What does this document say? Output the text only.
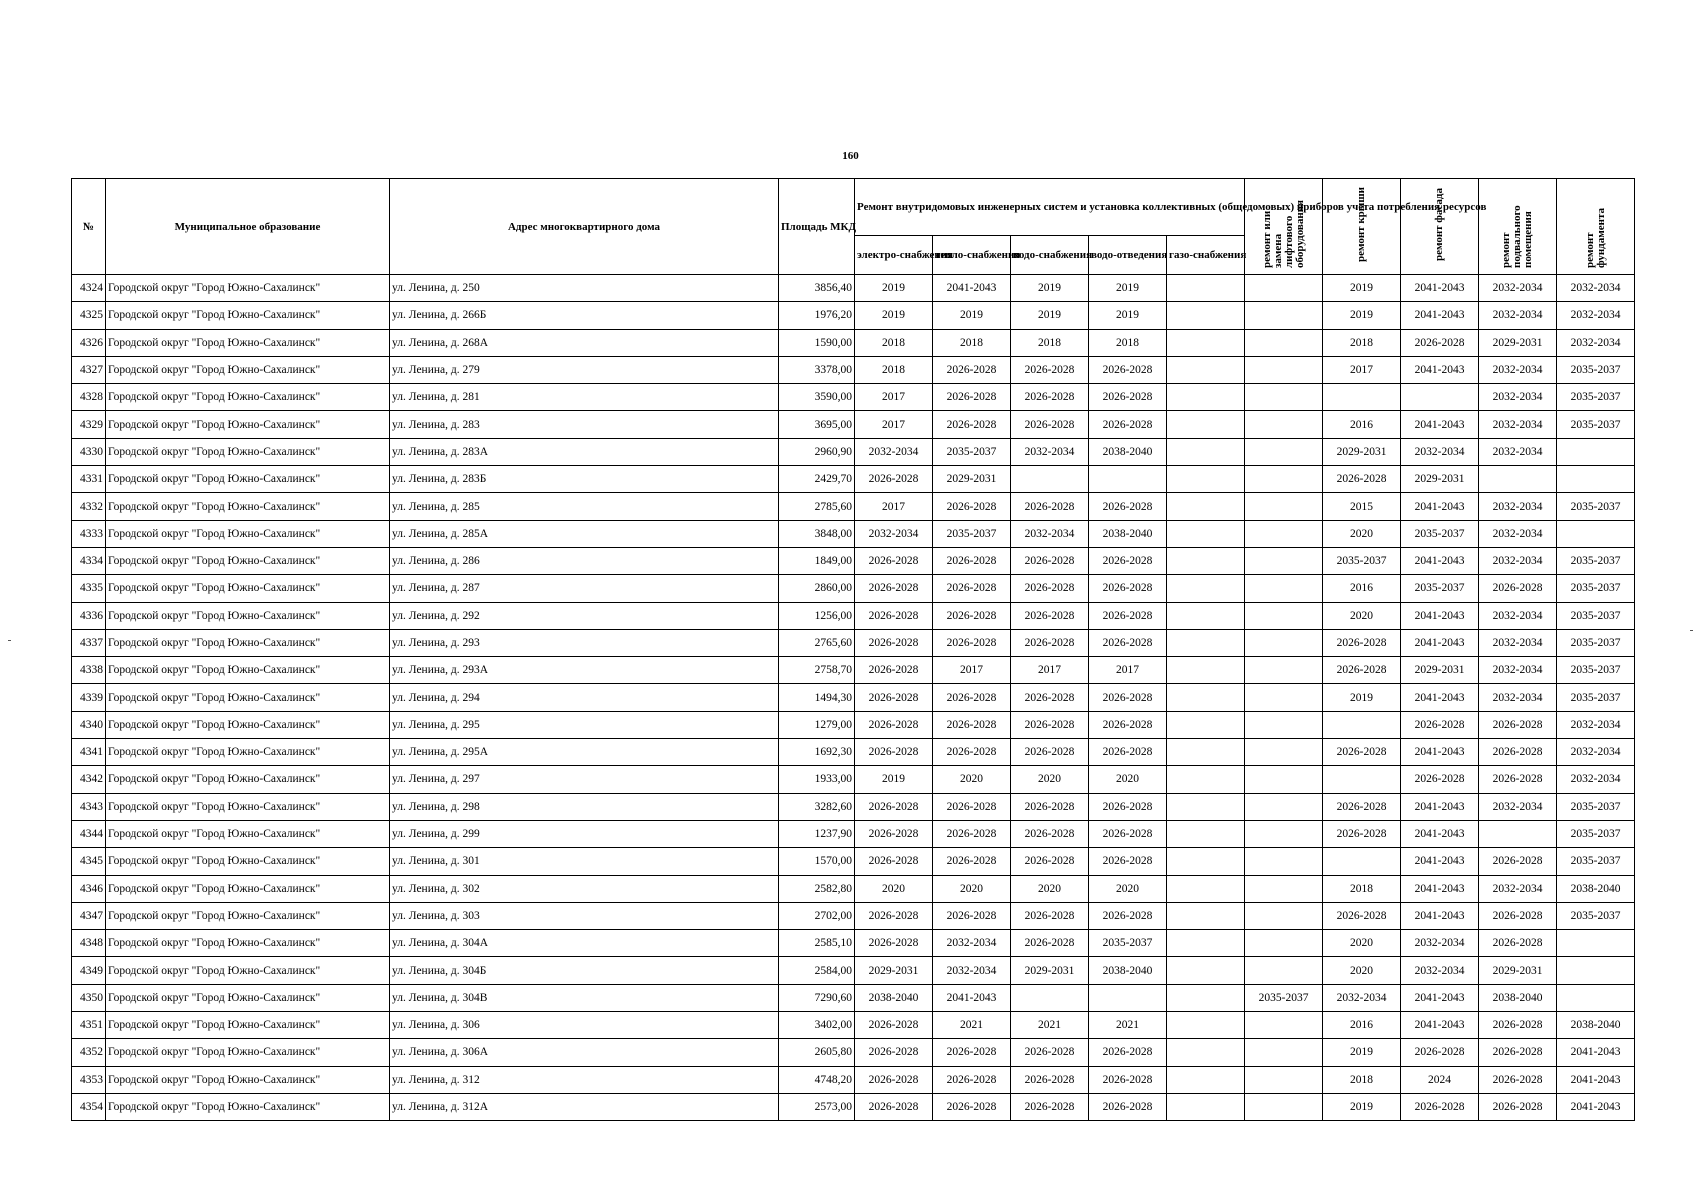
160
№	Муниципальное образование	Адрес многоквартирного дома	Площадь МКД	Ремонт внутридомовых инженерных систем и установка коллективных (общедомовых) приборов учета потребления ресурсов					ремонт или замена лифтового оборудования	ремонт крыши	ремонт фасада	ремонт подвального помещения	ремонт фундамента
				электро-снабжения	тепло-снабжения	водо-снабжения	водо-отведения	газо-снабжения					
4324	Городской округ "Город Южно-Сахалинск"	ул. Ленина, д. 250	3856,40	2019	2041-2043	2019	2019			2019	2041-2043	2032-2034	2032-2034
4325	Городской округ "Город Южно-Сахалинск"	ул. Ленина, д. 266Б	1976,20	2019	2019	2019	2019			2019	2041-2043	2032-2034	2032-2034
4326	Городской округ "Город Южно-Сахалинск"	ул. Ленина, д. 268А	1590,00	2018	2018	2018	2018			2018	2026-2028	2029-2031	2032-2034
4327	Городской округ "Город Южно-Сахалинск"	ул. Ленина, д. 279	3378,00	2018	2026-2028	2026-2028	2026-2028			2017	2041-2043	2032-2034	2035-2037
4328	Городской округ "Город Южно-Сахалинск"	ул. Ленина, д. 281	3590,00	2017	2026-2028	2026-2028	2026-2028					2032-2034	2035-2037
4329	Городской округ "Город Южно-Сахалинск"	ул. Ленина, д. 283	3695,00	2017	2026-2028	2026-2028	2026-2028			2016	2041-2043	2032-2034	2035-2037
4330	Городской округ "Город Южно-Сахалинск"	ул. Ленина, д. 283А	2960,90	2032-2034	2035-2037	2032-2034	2038-2040			2029-2031	2032-2034	2032-2034	
4331	Городской округ "Город Южно-Сахалинск"	ул. Ленина, д. 283Б	2429,70	2026-2028	2029-2031					2026-2028	2029-2031		
4332	Городской округ "Город Южно-Сахалинск"	ул. Ленина, д. 285	2785,60	2017	2026-2028	2026-2028	2026-2028			2015	2041-2043	2032-2034	2035-2037
4333	Городской округ "Город Южно-Сахалинск"	ул. Ленина, д. 285А	3848,00	2032-2034	2035-2037	2032-2034	2038-2040			2020	2035-2037	2032-2034	
4334	Городской округ "Город Южно-Сахалинск"	ул. Ленина, д. 286	1849,00	2026-2028	2026-2028	2026-2028	2026-2028			2035-2037	2041-2043	2032-2034	2035-2037
4335	Городской округ "Город Южно-Сахалинск"	ул. Ленина, д. 287	2860,00	2026-2028	2026-2028	2026-2028	2026-2028			2016	2035-2037	2026-2028	2035-2037
4336	Городской округ "Город Южно-Сахалинск"	ул. Ленина, д. 292	1256,00	2026-2028	2026-2028	2026-2028	2026-2028			2020	2041-2043	2032-2034	2035-2037
4337	Городской округ "Город Южно-Сахалинск"	ул. Ленина, д. 293	2765,60	2026-2028	2026-2028	2026-2028	2026-2028			2026-2028	2041-2043	2032-2034	2035-2037
4338	Городской округ "Город Южно-Сахалинск"	ул. Ленина, д. 293А	2758,70	2026-2028	2017	2017	2017			2026-2028	2029-2031	2032-2034	2035-2037
4339	Городской округ "Город Южно-Сахалинск"	ул. Ленина, д. 294	1494,30	2026-2028	2026-2028	2026-2028	2026-2028			2019	2041-2043	2032-2034	2035-2037
4340	Городской округ "Город Южно-Сахалинск"	ул. Ленина, д. 295	1279,00	2026-2028	2026-2028	2026-2028	2026-2028				2026-2028	2026-2028	2032-2034
4341	Городской округ "Город Южно-Сахалинск"	ул. Ленина, д. 295А	1692,30	2026-2028	2026-2028	2026-2028	2026-2028			2026-2028	2041-2043	2026-2028	2032-2034
4342	Городской округ "Город Южно-Сахалинск"	ул. Ленина, д. 297	1933,00	2019	2020	2020	2020				2026-2028	2026-2028	2032-2034
4343	Городской округ "Город Южно-Сахалинск"	ул. Ленина, д. 298	3282,60	2026-2028	2026-2028	2026-2028	2026-2028			2026-2028	2041-2043	2032-2034	2035-2037
4344	Городской округ "Город Южно-Сахалинск"	ул. Ленина, д. 299	1237,90	2026-2028	2026-2028	2026-2028	2026-2028			2026-2028	2041-2043		2035-2037
4345	Городской округ "Город Южно-Сахалинск"	ул. Ленина, д. 301	1570,00	2026-2028	2026-2028	2026-2028	2026-2028				2041-2043	2026-2028	2035-2037
4346	Городской округ "Город Южно-Сахалинск"	ул. Ленина, д. 302	2582,80	2020	2020	2020	2020			2018	2041-2043	2032-2034	2038-2040
4347	Городской округ "Город Южно-Сахалинск"	ул. Ленина, д. 303	2702,00	2026-2028	2026-2028	2026-2028	2026-2028			2026-2028	2041-2043	2026-2028	2035-2037
4348	Городской округ "Город Южно-Сахалинск"	ул. Ленина, д. 304А	2585,10	2026-2028	2032-2034	2026-2028	2035-2037			2020	2032-2034	2026-2028	
4349	Городской округ "Город Южно-Сахалинск"	ул. Ленина, д. 304Б	2584,00	2029-2031	2032-2034	2029-2031	2038-2040			2020	2032-2034	2029-2031	
4350	Городской округ "Город Южно-Сахалинск"	ул. Ленина, д. 304В	7290,60	2038-2040	2041-2043				2035-2037	2032-2034	2041-2043	2038-2040	
4351	Городской округ "Город Южно-Сахалинск"	ул. Ленина, д. 306	3402,00	2026-2028	2021	2021	2021			2016	2041-2043	2026-2028	2038-2040
4352	Городской округ "Город Южно-Сахалинск"	ул. Ленина, д. 306А	2605,80	2026-2028	2026-2028	2026-2028	2026-2028			2019	2026-2028	2026-2028	2041-2043
4353	Городской округ "Город Южно-Сахалинск"	ул. Ленина, д. 312	4748,20	2026-2028	2026-2028	2026-2028	2026-2028			2018	2024	2026-2028	2041-2043
4354	Городской округ "Город Южно-Сахалинск"	ул. Ленина, д. 312А	2573,00	2026-2028	2026-2028	2026-2028	2026-2028			2019	2026-2028	2026-2028	2041-2043
